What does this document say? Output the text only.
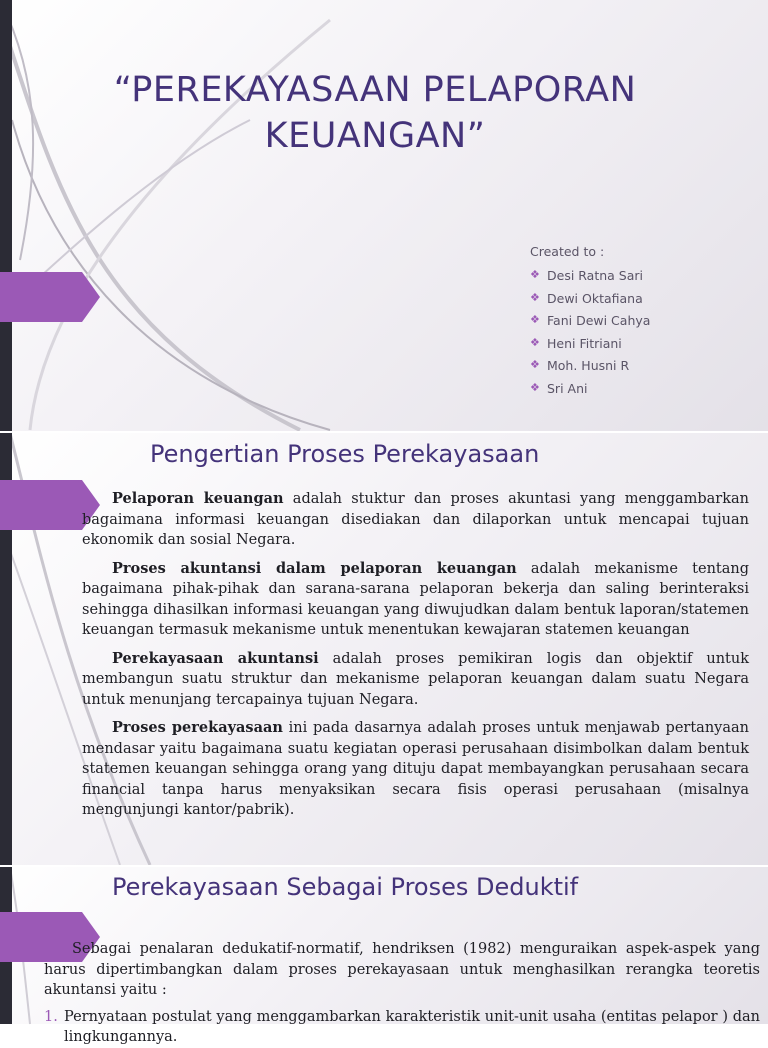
“PEREKAYASAAN PELAPORAN KEUANGAN”
Created to :
❖ Desi Ratna Sari
❖ Dewi Oktafiana
❖ Fani Dewi Cahya
❖ Heni Fitriani
❖ Moh. Husni R
❖ Sri Ani
Pengertian Proses Perekayasaan

Pelaporan keuangan adalah stuktur dan proses akuntasi yang menggambarkan bagaimana informasi keuangan disediakan dan dilaporkan untuk mencapai tujuan ekonomik dan sosial Negara.

Proses akuntansi dalam pelaporan keuangan adalah mekanisme tentang bagaimana pihak-pihak dan sarana-sarana pelaporan bekerja dan saling berinteraksi sehingga dihasilkan informasi keuangan yang diwujudkan dalam bentuk laporan/statemen keuangan termasuk mekanisme untuk menentukan kewajaran statemen keuangan

Perekayasaan akuntansi adalah proses pemikiran logis dan objektif untuk membangun suatu struktur dan mekanisme pelaporan keuangan dalam suatu Negara untuk menunjang tercapainya tujuan Negara.

Proses perekayasaan ini pada dasarnya adalah proses untuk menjawab pertanyaan mendasar yaitu bagaimana suatu kegiatan operasi perusahaan disimbolkan dalam bentuk statemen keuangan sehingga orang yang dituju dapat membayangkan perusahaan secara financial tanpa harus menyaksikan secara fisis operasi perusahaan (misalnya mengunjungi kantor/pabrik).

Perekayasaan Sebagai Proses Deduktif

Sebagai penalaran dedukatif-normatif, hendriksen (1982) menguraikan aspek-aspek yang harus dipertimbangkan dalam proses perekayasaan untuk menghasilkan rerangka teoretis akuntansi yaitu :

1. Pernyataan postulat yang menggambarkan karakteristik unit-unit usaha (entitas pelapor ) dan lingkungannya.
